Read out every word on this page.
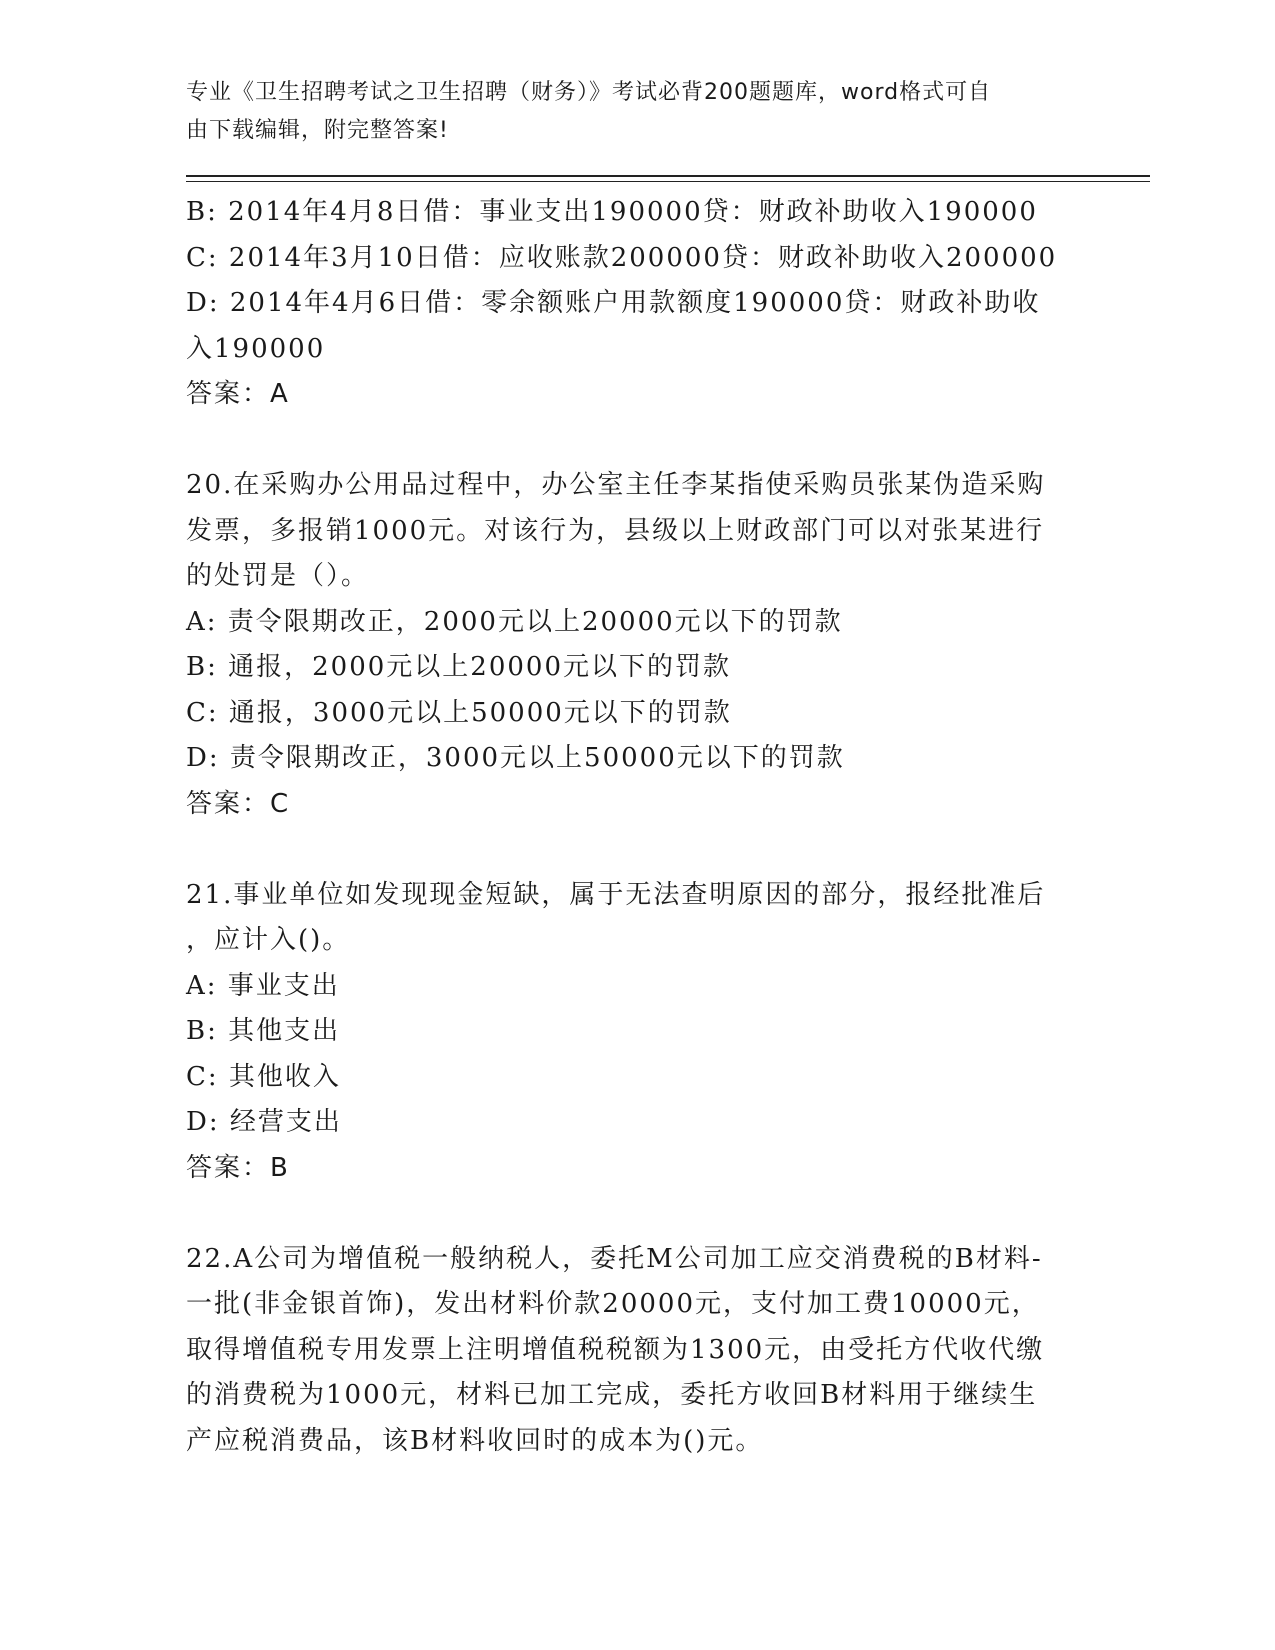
专业《卫生招聘考试之卫生招聘（财务）》考试必背200题题库，word格式可自
由下载编辑，附完整答案!
B: 2014年4月8日借：事业支出190000贷：财政补助收入190000
C: 2014年3月10日借：应收账款200000贷：财政补助收入200000
D: 2014年4月6日借：零余额账户用款额度190000贷：财政补助收
入190000
答案：A
20.在采购办公用品过程中，办公室主任李某指使采购员张某伪造采购
发票，多报销1000元。对该行为，县级以上财政部门可以对张某进行
的处罚是（）。
A: 责令限期改正，2000元以上20000元以下的罚款
B: 通报，2000元以上20000元以下的罚款
C: 通报，3000元以上50000元以下的罚款
D: 责令限期改正，3000元以上50000元以下的罚款
答案：C
21.事业单位如发现现金短缺，属于无法查明原因的部分，报经批准后
，应计入()。
A: 事业支出
B: 其他支出
C: 其他收入
D: 经营支出
答案：B
22.A公司为增值税一般纳税人，委托M公司加工应交消费税的B材料-
一批(非金银首饰)，发出材料价款20000元，支付加工费10000元，
取得增值税专用发票上注明增值税税额为1300元，由受托方代收代缴
的消费税为1000元，材料已加工完成，委托方收回B材料用于继续生
产应税消费品，该B材料收回时的成本为()元。
